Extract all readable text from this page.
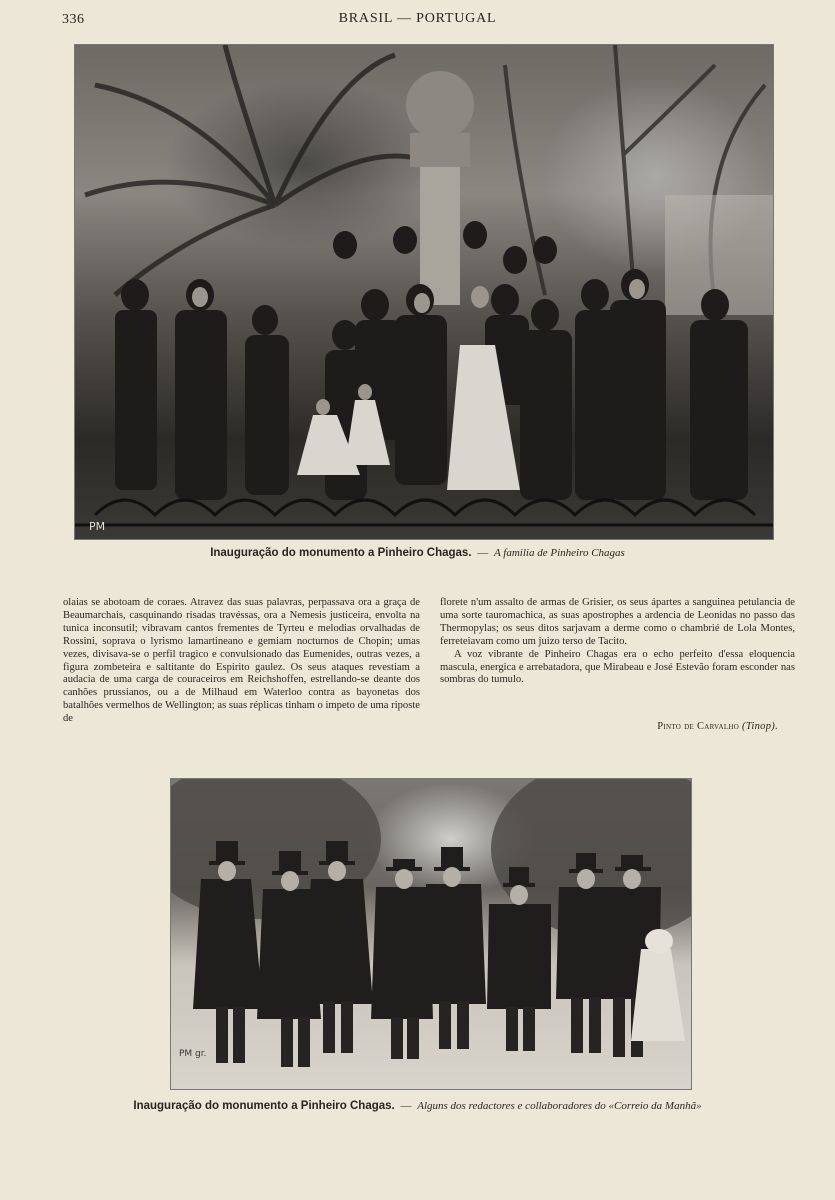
336	BRASIL — PORTUGAL
PM
Inauguração do monumento a Pinheiro Chagas. — A familia de Pinheiro Chagas

olaias se abotoam de coraes. Atravez das suas palavras, perpassava ora a graça de Beaumarchais, casquinando risadas travéssas, ora a Nemesis justiceira, envolta na tunica inconsutil; vibravam cantos frementes de Tyrteu e melodias orvalhadas de Rossini, soprava o lyrismo lamartineano e gemiam nocturnos de Chopin; umas vezes, divisava-se o perfil tragico e convulsionado das Eumenides, outras vezes, a figura zombeteira e saltitante do Espirito gaulez. Os seus ataques revestiam a audacia de uma carga de couraceiros em Reichshoffen, estrellando-se deante dos canhões prussianos, ou a de Milhaud em Waterloo contra as bayonetas dos batalhões vermelhos de Wellington; as suas réplicas tinham o impeto de uma riposte de

florete n'um assalto de armas de Grisier, os seus ápartes a sanguinea petulancia de uma sorte tauromachica, as suas apostrophes a ardencia de Leonidas no passo das Thermopylas; os seus ditos sarjavam a derme como o chambrié de Lola Montes, ferreteiavam como um juizo terso de Tacito.

A voz vibrante de Pinheiro Chagas era o echo perfeito d'essa eloquencia mascula, energica e arrebatadora, que Mirabeau e José Estevão foram esconder nas sombras do tumulo.

Pinto de Carvalho (Tinop).
PM gr.
Inauguração do monumento a Pinheiro Chagas. — Alguns dos redactores e collaboradores do «Correio da Manhã»
